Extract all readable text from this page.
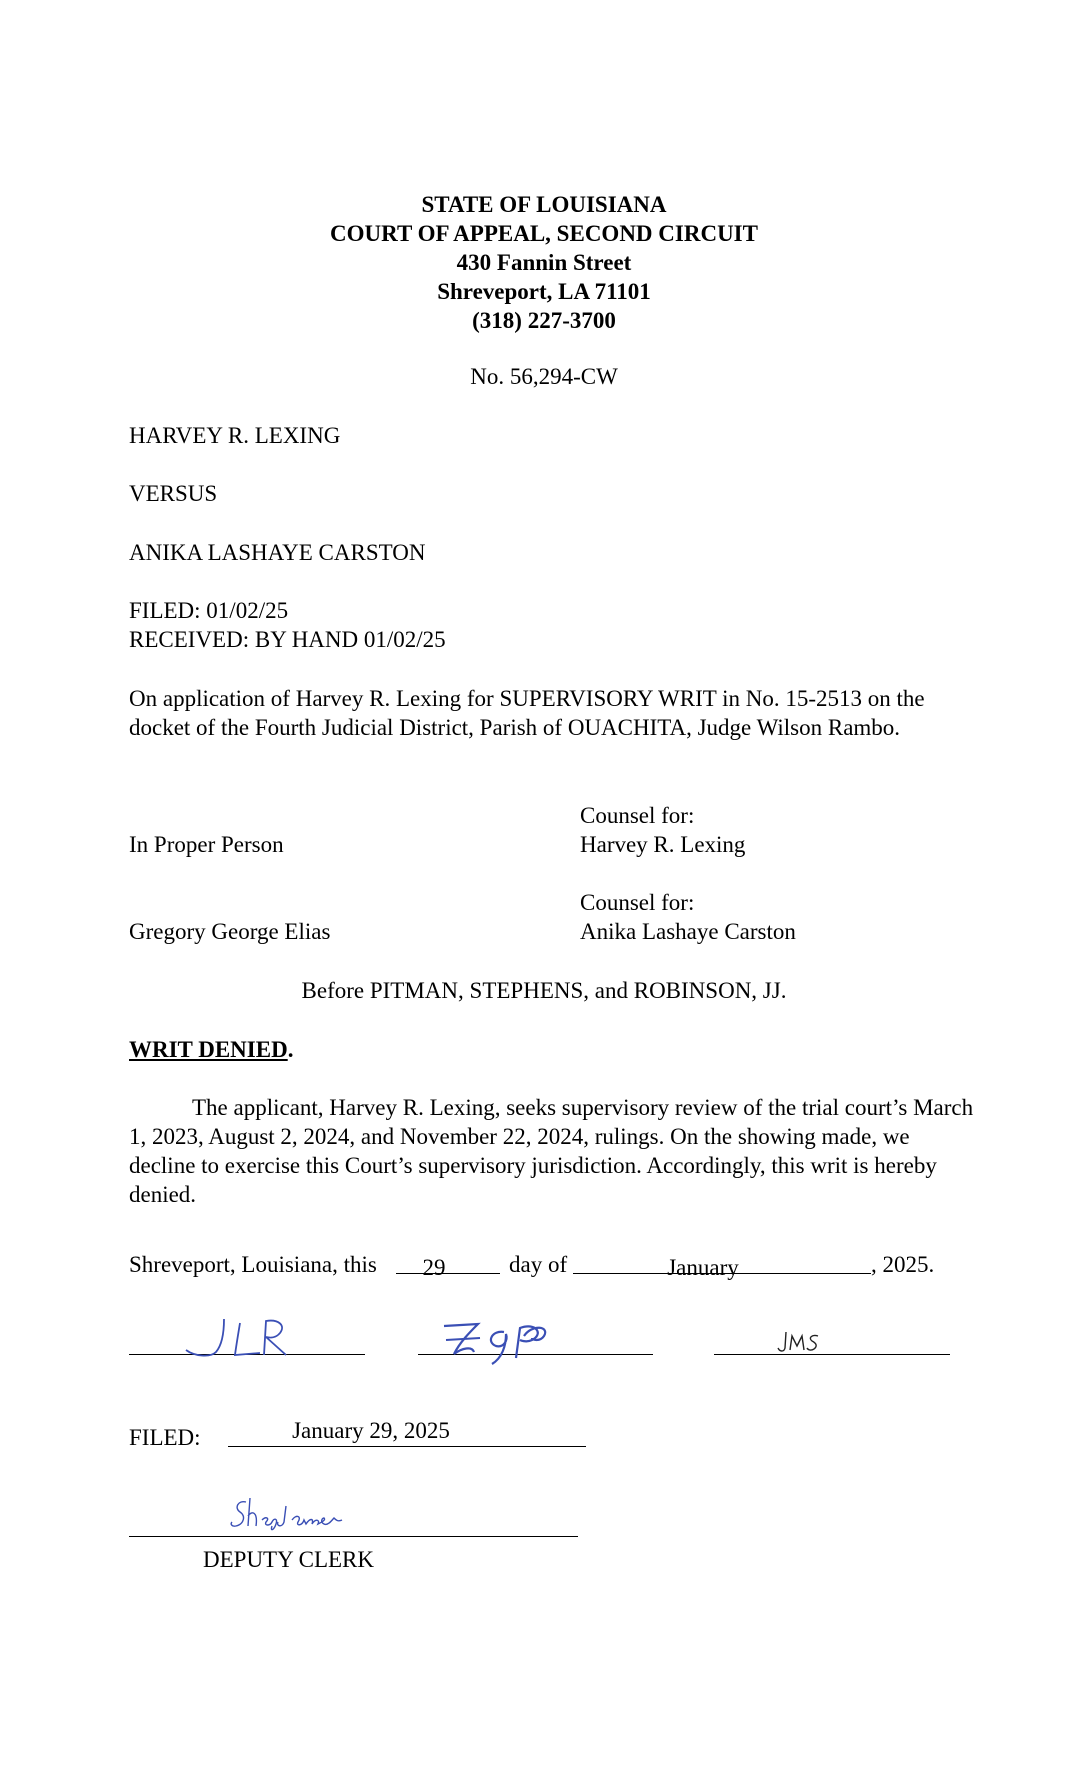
STATE OF LOUISIANA
COURT OF APPEAL, SECOND CIRCUIT
430 Fannin Street
Shreveport, LA 71101
(318) 227-3700
No. 56,294-CW
HARVEY R. LEXING
VERSUS
ANIKA LASHAYE CARSTON
FILED: 01/02/25
RECEIVED: BY HAND 01/02/25
On application of Harvey R. Lexing for SUPERVISORY WRIT in No. 15-2513 on the docket of the Fourth Judicial District, Parish of OUACHITA, Judge Wilson Rambo.
Counsel for:
In Proper Person	Harvey R. Lexing
Counsel for:
Gregory George Elias	Anika Lashaye Carston
Before PITMAN, STEPHENS, and ROBINSON, JJ.
WRIT DENIED.
The applicant, Harvey R. Lexing, seeks supervisory review of the trial court’s March 1, 2023, August 2, 2024, and November 22, 2024, rulings. On the showing made, we decline to exercise this Court’s supervisory jurisdiction. Accordingly, this writ is hereby denied.
Shreveport, Louisiana, this	29	day of	January	, 2025.
FILED:	January 29, 2025
DEPUTY CLERK
